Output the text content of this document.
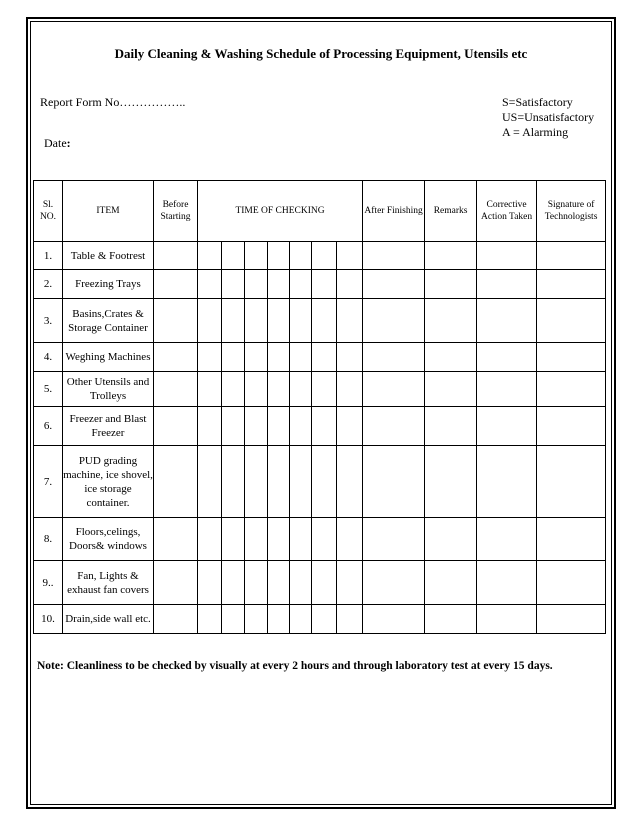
Daily Cleaning & Washing Schedule of Processing Equipment, Utensils etc
Report Form No……………..	S=Satisfactory
US=Unsatisfactory
A = Alarming
Date:
Sl. NO.	ITEM	Before Starting	TIME OF CHECKING							After Finishing	Remarks	Corrective Action Taken	Signature of Technologists
1.	Table & Footrest												
2.	Freezing Trays												
3.	Basins,Crates & Storage Container												
4.	Weghing Machines												
5.	Other Utensils and Trolleys												
6.	Freezer and Blast Freezer												
7.	PUD grading machine, ice shovel, ice storage container.												
8.	Floors,celings, Doors& windows												
9..	Fan, Lights & exhaust fan covers												
10.	Drain,side wall etc.												
Note: Cleanliness to be checked by visually at every 2 hours and through laboratory test at every 15 days.
